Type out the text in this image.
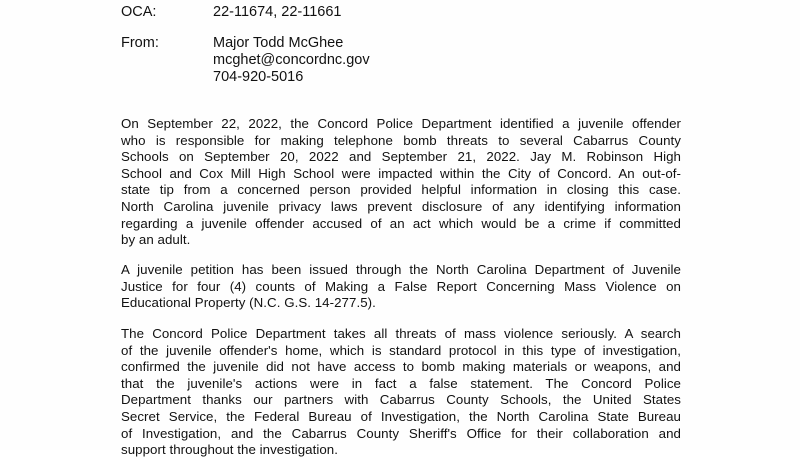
OCA:	22-11674, 22-11661
From:	Major Todd McGhee
mcghet@concordnc.gov
704-920-5016
On September 22, 2022, the Concord Police Department identified a juvenile offender
who is responsible for making telephone bomb threats to several Cabarrus County
Schools on September 20, 2022 and September 21, 2022. Jay M. Robinson High
School and Cox Mill High School were impacted within the City of Concord. An out-of-
state tip from a concerned person provided helpful information in closing this case.
North Carolina juvenile privacy laws prevent disclosure of any identifying information
regarding a juvenile offender accused of an act which would be a crime if committed
by an adult.
A juvenile petition has been issued through the North Carolina Department of Juvenile
Justice for four (4) counts of Making a False Report Concerning Mass Violence on
Educational Property (N.C. G.S. 14-277.5).
The Concord Police Department takes all threats of mass violence seriously. A search
of the juvenile offender's home, which is standard protocol in this type of investigation,
confirmed the juvenile did not have access to bomb making materials or weapons, and
that the juvenile's actions were in fact a false statement. The Concord Police
Department thanks our partners with Cabarrus County Schools, the United States
Secret Service, the Federal Bureau of Investigation, the North Carolina State Bureau
of Investigation, and the Cabarrus County Sheriff's Office for their collaboration and
support throughout the investigation.
